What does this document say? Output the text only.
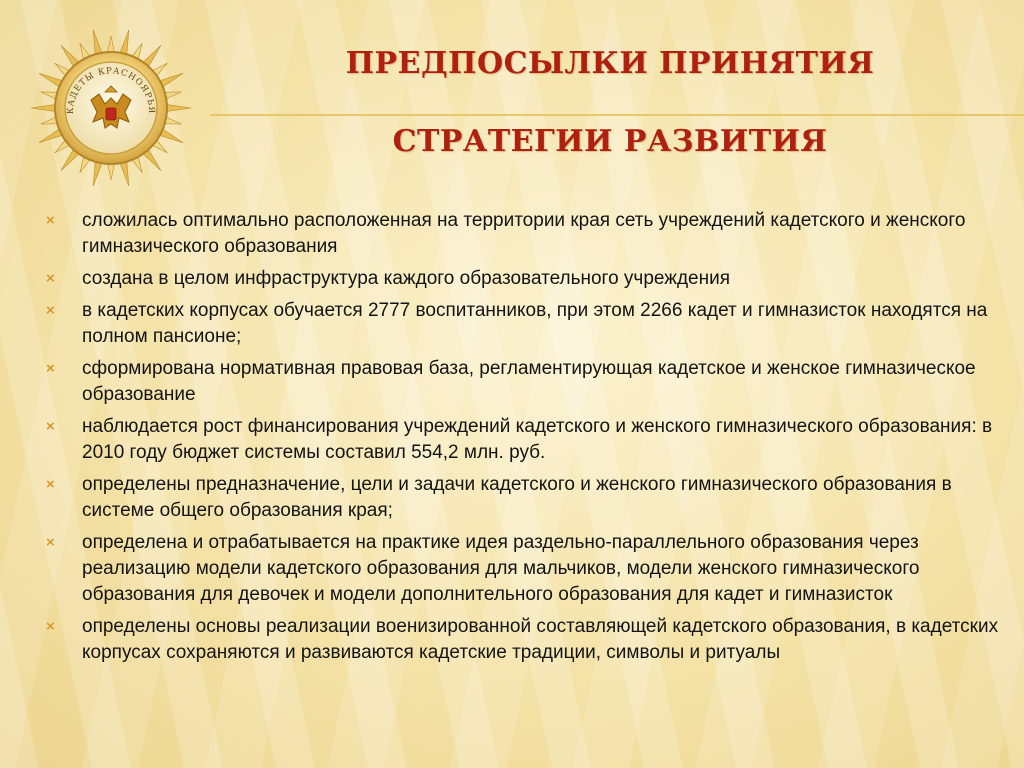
КАДЕТЫ КРАСНОЯРЬЯ
ПРЕДПОСЫЛКИ ПРИНЯТИЯ
СТРАТЕГИИ РАЗВИТИЯ
×	сложилась оптимально расположенная на территории края сеть учреждений кадетского и женского гимназического образования
×	создана в целом инфраструктура каждого образовательного учреждения
×	в кадетских корпусах обучается 2777 воспитанников, при этом 2266 кадет и гимназисток находятся на полном пансионе;
×	сформирована нормативная правовая база, регламентирующая кадетское и женское гимназическое образование
×	наблюдается рост финансирования учреждений кадетского и женского гимназического образования: в 2010 году бюджет системы составил 554,2 млн. руб.
×	определены предназначение, цели и задачи кадетского и женского гимназического образования в системе общего образования края;
×	определена и отрабатывается на практике идея раздельно-параллельного образования через реализацию модели кадетского образования для мальчиков, модели женского гимназического образования для девочек и модели дополнительного образования для кадет и гимназисток
×	определены основы реализации военизированной составляющей кадетского образования, в кадетских корпусах сохраняются и развиваются кадетские традиции, символы и ритуалы
